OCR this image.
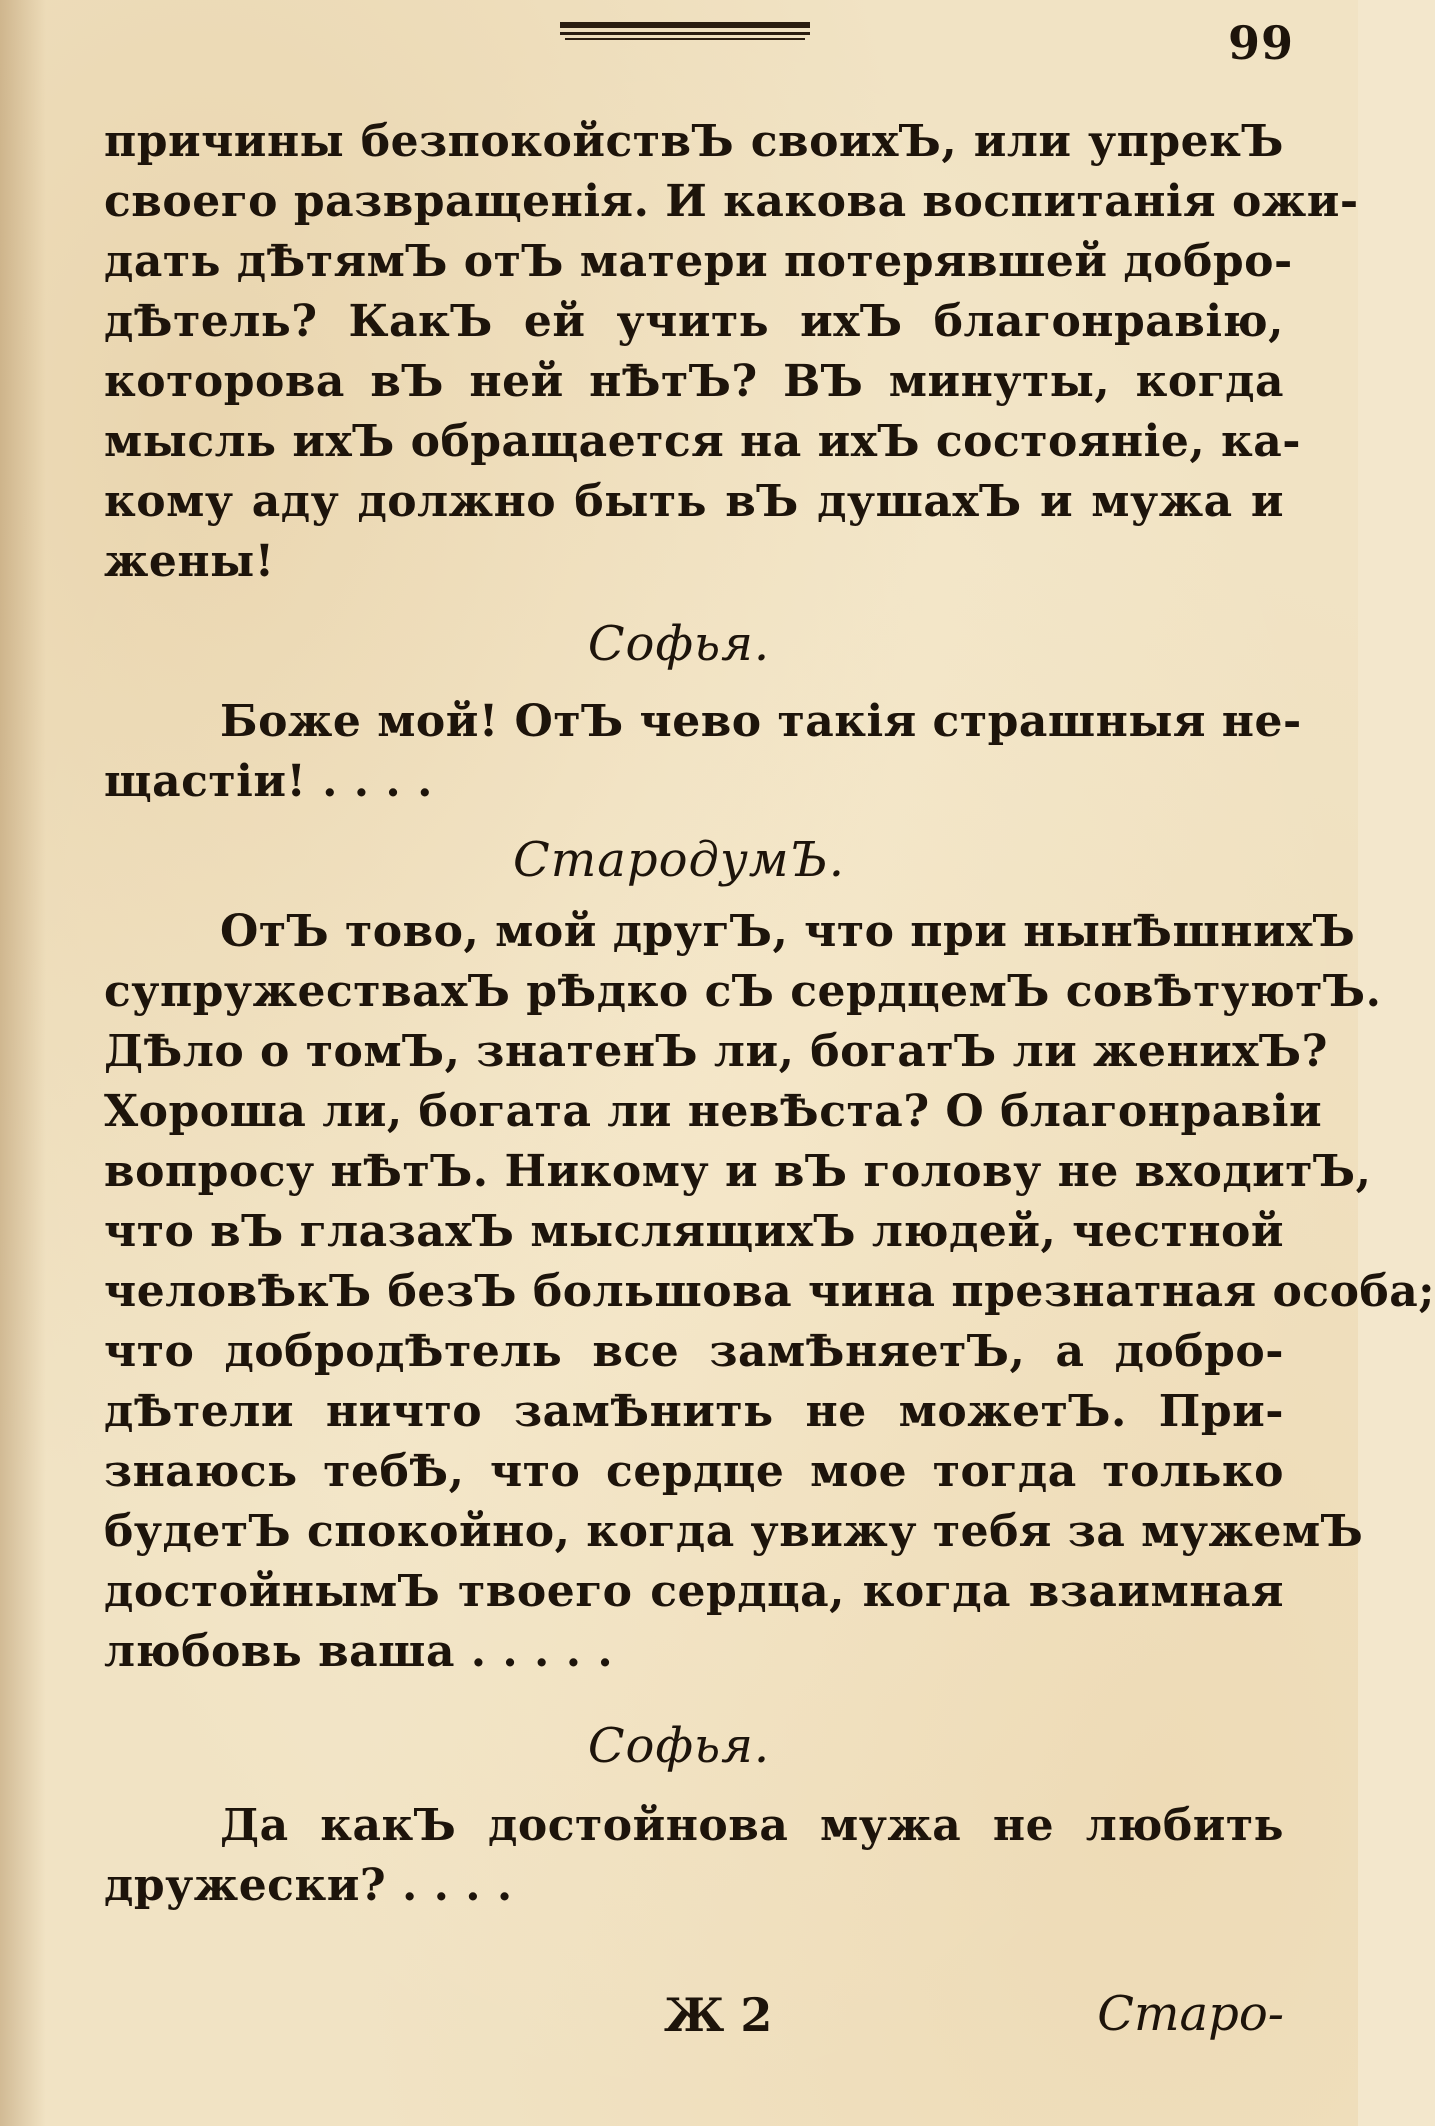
99
причины безпокойствЪ своихЪ, или упрекЪ
своего развращенія. И какова воспитанія ожи-
дать дѢтямЪ отЪ матери потерявшей добро-
дѢтель? КакЪ ей учить ихЪ благонравію,
которова вЪ ней нѢтЪ? ВЪ минуты, когда
мысль ихЪ обращается на ихЪ состояніе, ка-
кому аду должно быть вЪ душахЪ и мужа и
жены!
Софья.
Боже мой! ОтЪ чево такія страшныя не-
щастіи! . . . .
СтародумЪ.
ОтЪ тово, мой другЪ, что при нынѢшнихЪ
супружествахЪ рѢдко сЪ сердцемЪ совѢтуютЪ.
ДѢло о томЪ, знатенЪ ли, богатЪ ли женихЪ?
Хороша ли, богата ли невѢста? О благонравіи
вопросу нѢтЪ. Никому и вЪ голову не входитЪ,
что вЪ глазахЪ мыслящихЪ людей, честной
человѢкЪ безЪ большова чина презнатная особа;
что добродѢтель все замѢняетЪ, а добро-
дѢтели ничто замѢнить не можетЪ. При-
знаюсь тебѢ, что сердце мое тогда только
будетЪ спокойно, когда увижу тебя за мужемЪ
достойнымЪ твоего сердца, когда взаимная
любовь ваша . . . . .
Софья.
Да какЪ достойнова мужа не любить
дружески? . . . .
Ж 2	Старо-
